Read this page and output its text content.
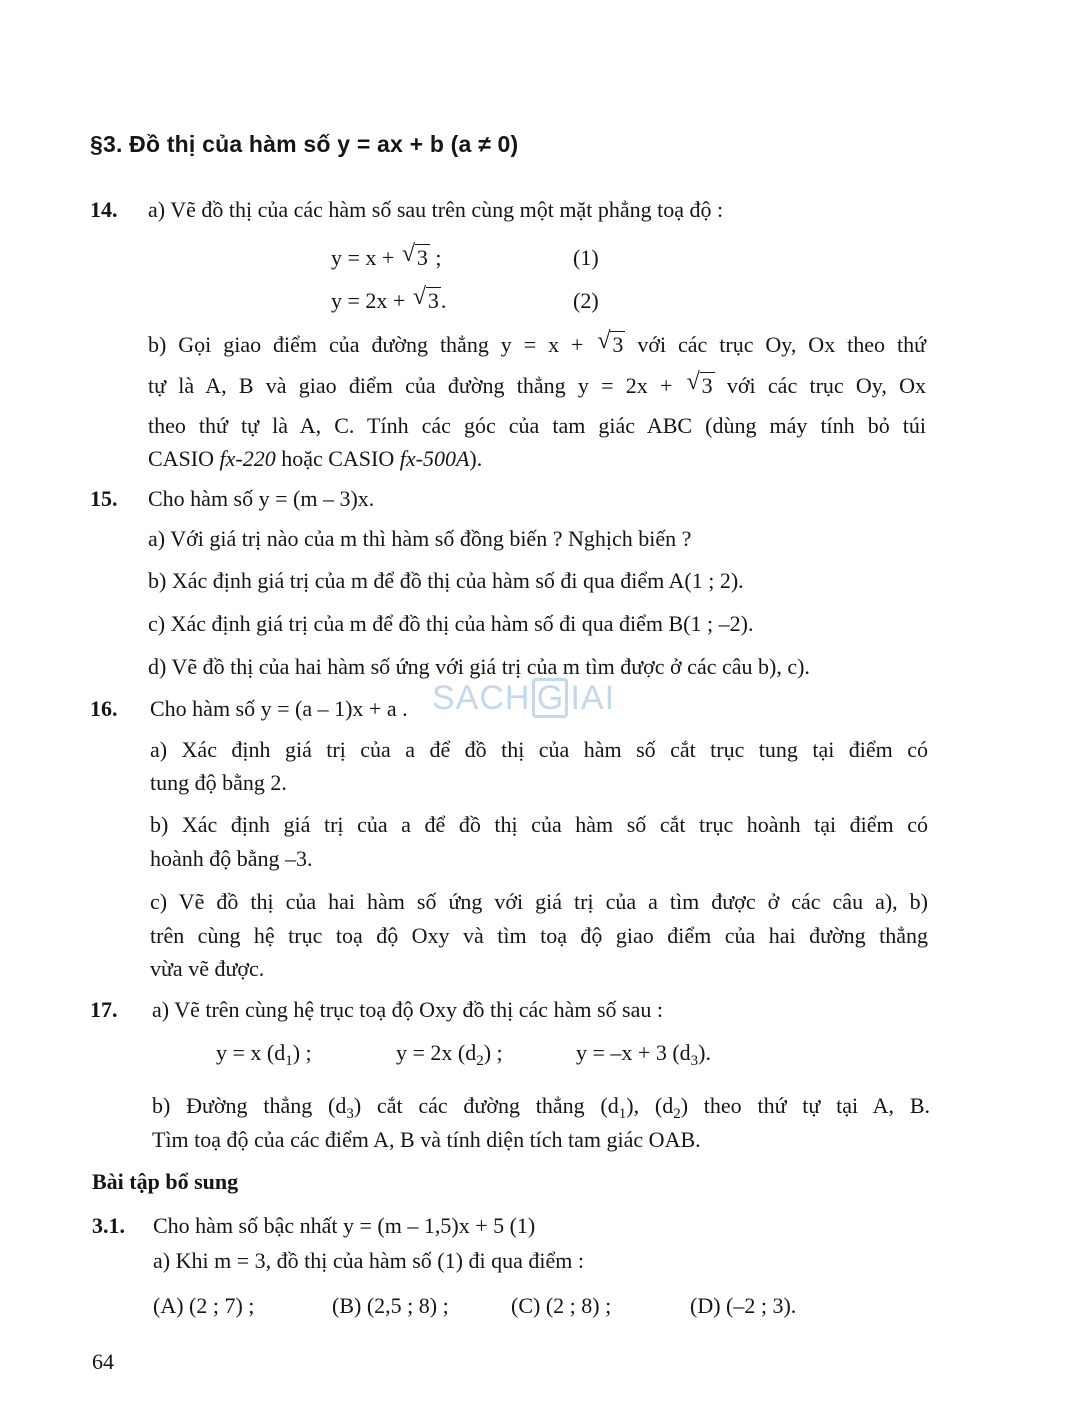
§3. Đồ thị của hàm số y = ax + b (a ≠ 0)
14. a) Vẽ đồ thị của các hàm số sau trên cùng một mặt phẳng toạ độ :
y = x + √ 3 ;	(1)
y = 2x + √ 3.	(2)
b) Gọi giao điểm của đường thẳng y = x + √ 3 với các trục Oy, Ox theo thứ
tự là A, B và giao điểm của đường thẳng y = 2x + √ 3 với các trục Oy, Ox
theo thứ tự là A, C. Tính các góc của tam giác ABC (dùng máy tính bỏ túi
CASIO fx-220 hoặc CASIO fx-500A).
15. Cho hàm số y = (m – 3)x.
a) Với giá trị nào của m thì hàm số đồng biến ? Nghịch biến ?
b) Xác định giá trị của m để đồ thị của hàm số đi qua điểm A(1 ; 2).
c) Xác định giá trị của m để đồ thị của hàm số đi qua điểm B(1 ; –2).
d) Vẽ đồ thị của hai hàm số ứng với giá trị của m tìm được ở các câu b), c).
SACH G IAI
16. Cho hàm số y = (a – 1)x + a .
a) Xác định giá trị của a để đồ thị của hàm số cắt trục tung tại điểm có
tung độ bằng 2.
b) Xác định giá trị của a để đồ thị của hàm số cắt trục hoành tại điểm có
hoành độ bằng –3.
c) Vẽ đồ thị của hai hàm số ứng với giá trị của a tìm được ở các câu a), b)
trên cùng hệ trục toạ độ Oxy và tìm toạ độ giao điểm của hai đường thẳng
vừa vẽ được.
17. a) Vẽ trên cùng hệ trục toạ độ Oxy đồ thị các hàm số sau :
y = x $(d_1)$ ;	y = 2x $(d_2)$ ;	y = –x + 3 $(d_3)$.
b) Đường thẳng $(d_3)$ cắt các đường thẳng $(d_1)$, $(d_2)$ theo thứ tự tại A, B.
Tìm toạ độ của các điểm A, B và tính diện tích tam giác OAB.
Bài tập bổ sung
3.1. Cho hàm số bậc nhất y = (m – 1,5)x + 5 (1)
a) Khi m = 3, đồ thị của hàm số (1) đi qua điểm :
(A) (2 ; 7) ;	(B) (2,5 ; 8) ;	(C) (2 ; 8) ;	(D) (–2 ; 3).
64
